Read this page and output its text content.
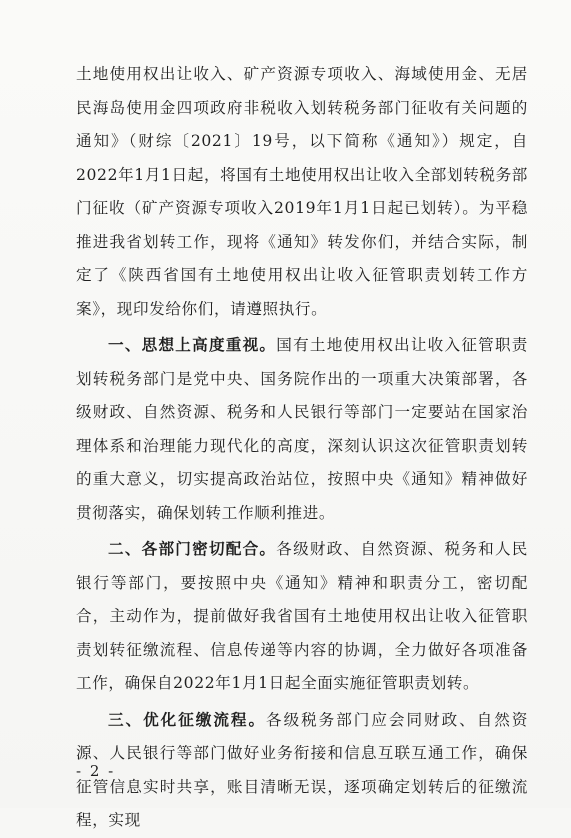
土地使用权出让收入、矿产资源专项收入、海域使用金、无居民海岛使用金四项政府非税收入划转税务部门征收有关问题的通知》（财综〔2021〕19号，以下简称《通知》）规定，自2022年1月1日起，将国有土地使用权出让收入全部划转税务部门征收（矿产资源专项收入2019年1月1日起已划转）。为平稳推进我省划转工作，现将《通知》转发你们，并结合实际，制定了《陕西省国有土地使用权出让收入征管职责划转工作方案》，现印发给你们，请遵照执行。

一、思想上高度重视。国有土地使用权出让收入征管职责划转税务部门是党中央、国务院作出的一项重大决策部署，各级财政、自然资源、税务和人民银行等部门一定要站在国家治理体系和治理能力现代化的高度，深刻认识这次征管职责划转的重大意义，切实提高政治站位，按照中央《通知》精神做好贯彻落实，确保划转工作顺利推进。

二、各部门密切配合。各级财政、自然资源、税务和人民银行等部门，要按照中央《通知》精神和职责分工，密切配合，主动作为，提前做好我省国有土地使用权出让收入征管职责划转征缴流程、信息传递等内容的协调，全力做好各项准备工作，确保自2022年1月1日起全面实施征管职责划转。

三、优化征缴流程。各级税务部门应会同财政、自然资源、人民银行等部门做好业务衔接和信息互联互通工作，确保征管信息实时共享，账目清晰无误，逐项确定划转后的征缴流程，实现

- 2 -
